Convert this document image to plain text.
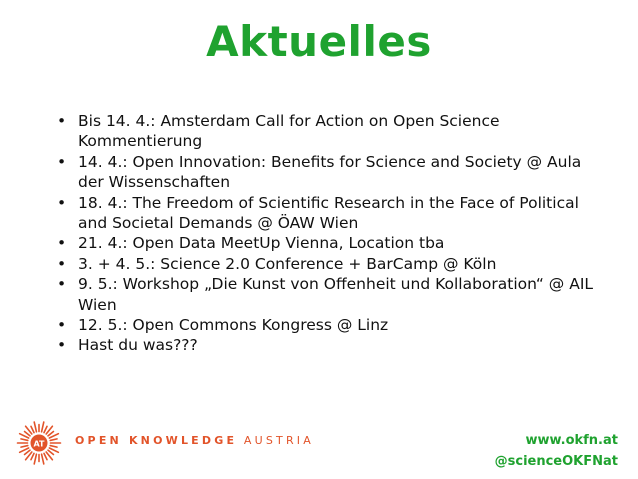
Aktuelles
• Bis 14. 4.: Amsterdam Call for Action on Open Science Kommentierung
• 14. 4.: Open Innovation: Benefits for Science and Society @ Aula der Wissenschaften
• 18. 4.: The Freedom of Scientific Research in the Face of Political and Societal Demands @ ÖAW Wien
• 21. 4.: Open Data MeetUp Vienna, Location tba
• 3. + 4. 5.: Science 2.0 Conference + BarCamp @ Köln
• 9. 5.: Workshop „Die Kunst von Offenheit und Kollaboration“ @ AIL Wien
• 12. 5.: Open Commons Kongress @ Linz
• Hast du was???
AT	OPEN KNOWLEDGE AUSTRIA	www.okfn.at
@scienceOKFNat
